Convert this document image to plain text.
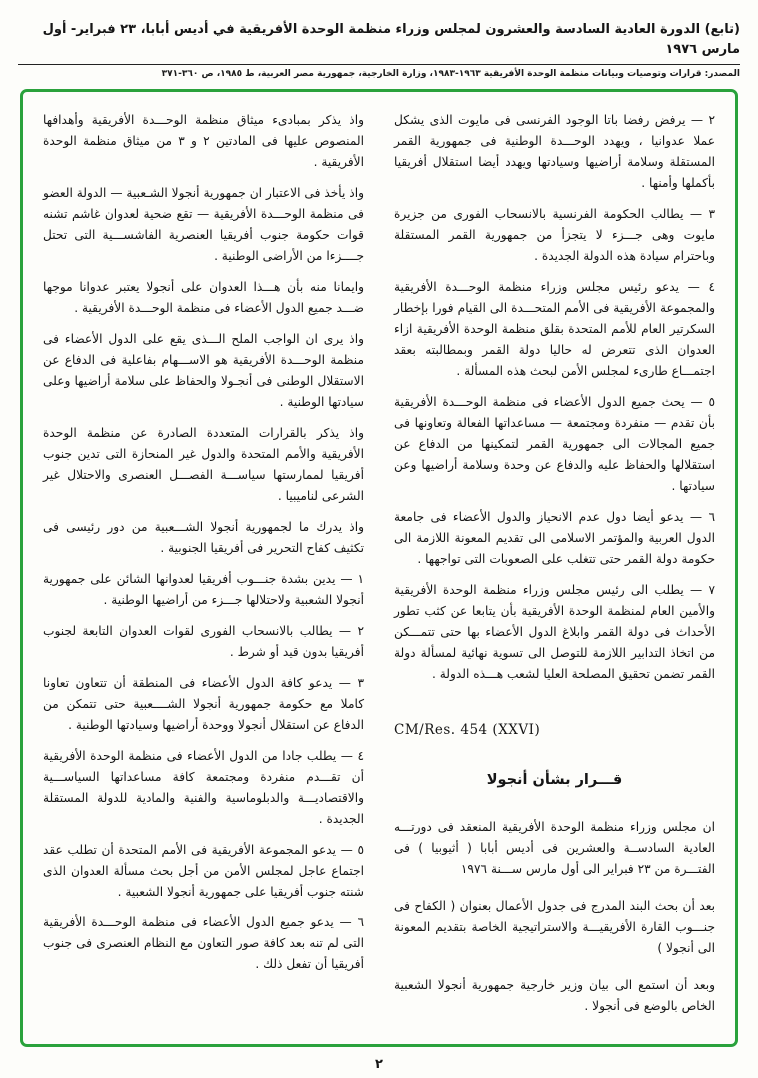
(تابع) الدورة العادية السادسة والعشرون لمجلس وزراء منظمة الوحدة الأفريقية في أديس أبابا، ٢٣ فبراير- أول مارس ١٩٧٦
المصدر: قرارات وتوصيات وبيانات منظمة الوحدة الأفريقية ١٩٦٣-١٩٨٣، وزارة الخارجية، جمهورية مصر العربية، ط ١٩٨٥، ص ٣٦٠-٣٧١

٢ — يرفض رفضا باتا الوجود الفرنسى فى مايوت الذى يشكل عملا عدوانيا ، ويهدد الوحـــدة الوطنية فى جمهورية القمر المستقلة وسلامة أراضيها وسيادتها ويهدد أيضا استقلال أفريقيا بأكملها وأمنها .

٣ — يطالب الحكومة الفرنسية بالانسحاب الفورى من جزيرة مايوت وهى جـــزء لا يتجزأ من جمهورية القمر المستقلة وباحترام سيادة هذه الدولة الجديدة .

٤ — يدعو رئيس مجلس وزراء منظمة الوحـــدة الأفريقية والمجموعة الأفريقية فى الأمم المتحـــدة الى القيام فورا بإخطار السكرتير العام للأمم المتحدة بقلق منظمة الوحدة الأفريقية ازاء العدوان الذى تتعرض له حاليا دولة القمر وبمطالبته بعقد اجتمـــاع طارىء لمجلس الأمن لبحث هذه المسألة .

٥ — يحث جميع الدول الأعضاء فى منظمة الوحـــدة الأفريقية بأن تقدم — منفردة ومجتمعة — مساعداتها الفعالة وتعاونها فى جميع المجالات الى جمهورية القمر لتمكينها من الدفاع عن استقلالها والحفاظ عليه والدفاع عن وحدة وسلامة أراضيها وعن سيادتها .

٦ — يدعو أيضا دول عدم الانحياز والدول الأعضاء فى جامعة الدول العربية والمؤتمر الاسلامى الى تقديم المعونة اللازمة الى حكومة دولة القمر حتى تتغلب على الصعوبات التى تواجهها .

٧ — يطلب الى رئيس مجلس وزراء منظمة الوحدة الأفريقية والأمين العام لمنظمة الوحدة الأفريقية بأن يتابعا عن كثب تطور الأحداث فى دولة القمر وابلاغ الدول الأعضاء بها حتى تتمـــكن من اتخاذ التدابير اللازمة للتوصل الى تسوية نهائية لمسألة دولة القمر تضمن تحقيق المصلحة العليا لشعب هـــذه الدولة .

CM/Res. 454 (XXVI)

قـــرار بشأن أنجولا

ان مجلس وزراء منظمة الوحدة الأفريقية المنعقد فى دورتـــه العادية السادســة والعشرين فى أديس أبابا ( أثيوبيا ) فى الفتـــرة من ٢٣ فبراير الى أول مارس ســـنة ١٩٧٦

بعد أن بحث البند المدرج فى جدول الأعمال بعنوان ( الكفاح فى جنـــوب القارة الأفريقيـــة والاستراتيجية الخاصة بتقديم المعونة الى أنجولا )

وبعد أن استمع الى بيان وزير خارجية جمهورية أنجولا الشعبية الخاص بالوضع فى أنجولا .

واذ يذكر بمبادىء ميثاق منظمة الوحـــدة الأفريقية وأهدافها المنصوص عليها فى المادتين ٢ و ٣ من ميثاق منظمة الوحدة الأفريقية .

واذ يأخذ فى الاعتبار ان جمهورية أنجولا الشـعبية — الدولة العضو فى منظمة الوحـــدة الأفريقية — تقع ضحية لعدوان غاشم تشنه قوات حكومة جنوب أفريقيا العنصرية الفاشســـية التى تحتل جــــزءا من الأراضى الوطنية .

وايمانا منه بأن هـــذا العدوان على أنجولا يعتبر عدوانا موجها ضـــد جميع الدول الأعضاء فى منظمة الوحـــدة الأفريقية .

واذ يرى ان الواجب الملح الـــذى يقع على الدول الأعضاء فى منظمة الوحـــدة الأفريقية هو الاســـهام بفاعلية فى الدفاع عن الاستقلال الوطنى فى أنجـولا والحفاظ على سلامة أراضيها وعلى سيادتها الوطنية .

واذ يذكر بالقرارات المتعددة الصادرة عن منظمة الوحدة الأفريقية والأمم المتحدة والدول غير المنحازة التى تدين جنوب أفريقيا لممارستها سياســـة الفصـــل العنصرى والاحتلال غير الشرعى لناميبيا .

واذ يدرك ما لجمهورية أنجولا الشـــعبية من دور رئيسى فى تكثيف كفاح التحرير فى أفريقيا الجنوبية .

١ — يدين بشدة جنـــوب أفريقيا لعدوانها الشائن على جمهورية أنجولا الشعبية ولاحتلالها جـــزء من أراضيها الوطنية .

٢ — يطالب بالانسحاب الفورى لقوات العدوان التابعة لجنوب أفريقيا بدون قيد أو شرط .

٣ — يدعو كافة الدول الأعضاء فى المنطقة أن تتعاون تعاونا كاملا مع حكومة جمهورية أنجولا الشــــعبية حتى تتمكن من الدفاع عن استقلال أنجولا ووحدة أراضيها وسيادتها الوطنية .

٤ — يطلب جادا من الدول الأعضاء فى منظمة الوحدة الأفريقية أن تقـــدم منفردة ومجتمعة كافة مساعداتها السياســـية والاقتصاديـــة والدبلوماسية والفنية والمادية للدولة المستقلة الجديدة .

٥ — يدعو المجموعة الأفريقية فى الأمم المتحدة أن تطلب عقد اجتماع عاجل لمجلس الأمن من أجل بحث مسألة العدوان الذى شنته جنوب أفريقيا على جمهورية أنجولا الشعبية .

٦ — يدعو جميع الدول الأعضاء فى منظمة الوحـــدة الأفريقية التى لم تنه بعد كافة صور التعاون مع النظام العنصرى فى جنوب أفريقيا أن تفعل ذلك .

٢
